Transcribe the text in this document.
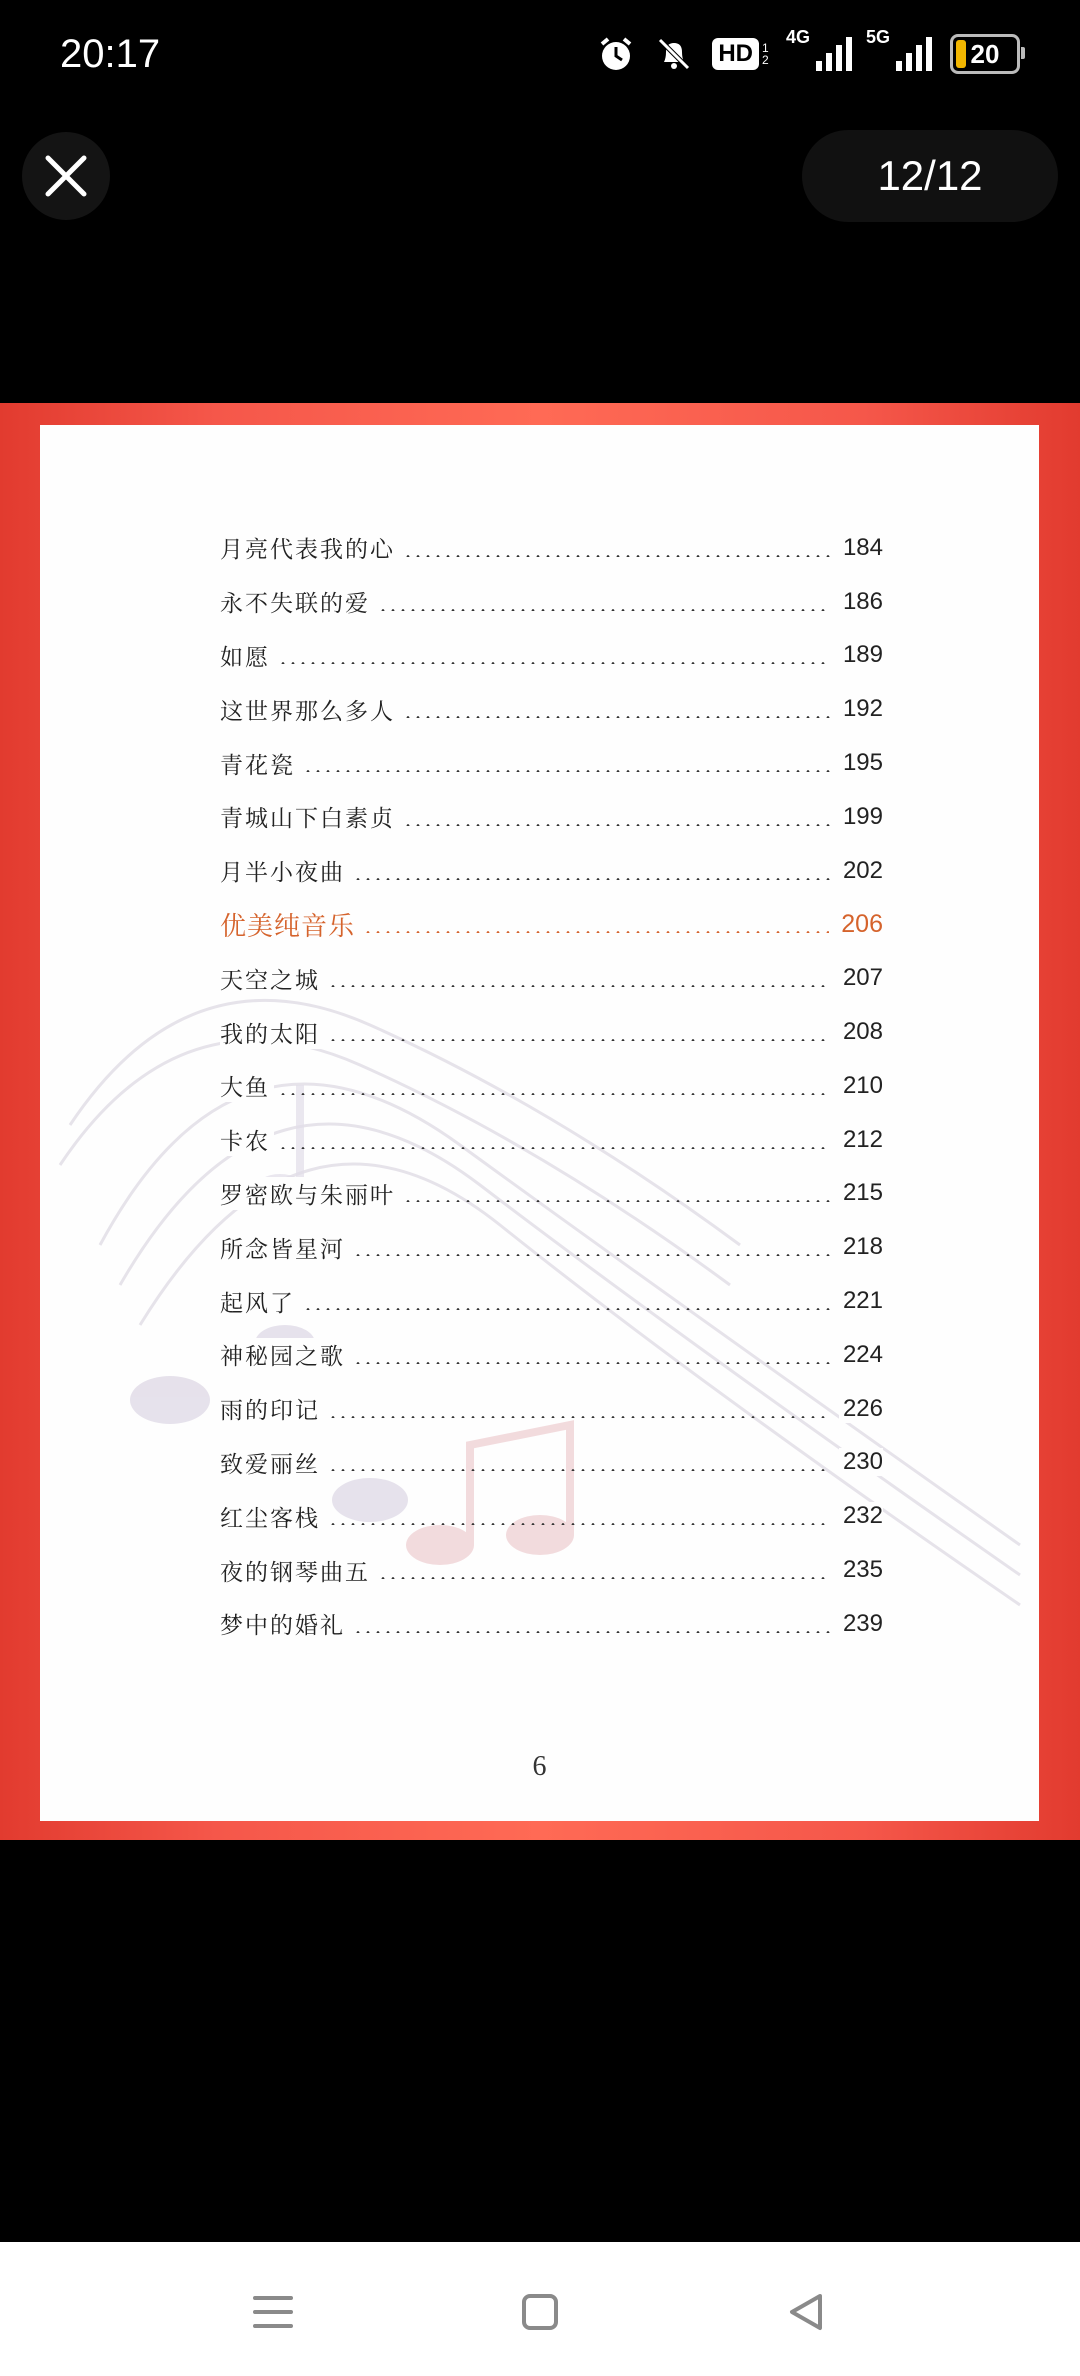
20:17	HD 1 2
4G	5G
20
12/12
月亮代表我的心	184
永不失联的爱	186
如愿	189
这世界那么多人	192
青花瓷	195
青城山下白素贞	199
月半小夜曲	202
优美纯音乐	206
天空之城	207
我的太阳	208
大鱼	210
卡农	212
罗密欧与朱丽叶	215
所念皆星河	218
起风了	221
神秘园之歌	224
雨的印记	226
致爱丽丝	230
红尘客栈	232
夜的钢琴曲五	235
梦中的婚礼	239
6
